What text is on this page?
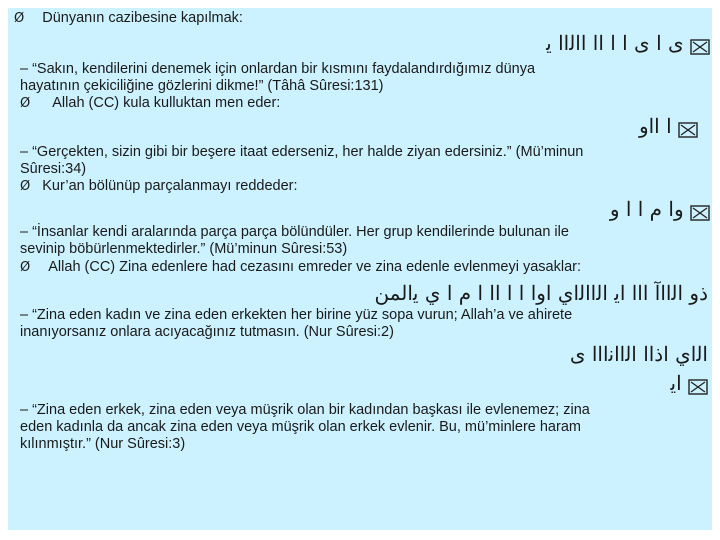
Ø Dünyanın cazibesine kapılmak:
ﻯ ﺍ ﻯ ﺍ ﺍ ﺍﺍ ﺍﺍﻟﺍﺍ ﻳ
– “Sakın, kendilerini denemek için onlardan bir kısmını faydalandırdığımız dünya
hayatının çekiciliğine gözlerini dikme!” (Tâhâ Sûresi:131)
Ø Allah (CC) kula kulluktan men eder:
ﺍ ﺍﺍﻭ
– “Gerçekten, sizin gibi bir beşere itaat ederseniz, her halde ziyan edersiniz.” (Mü’minun
Sûresi:34)
Ø Kur’an bölünüp parçalanmayı reddeder:
ﻭﺍ ﻡ ﺍ ﺍ ﻭ
– “İnsanlar kendi aralarında parça parça bölündüler. Her grup kendilerinde bulunan ile
sevinip böbürlenmektedirler.” (Mü’minun Sûresi:53)
Ø Allah (CC) Zina edenlere had cezasını emreder ve zina edenle evlenmeyi yasaklar:
ﺫﻭ ﺍﻟﺍﺍﺁ ﺍﺍﺍ ﺍﻳ ﺍﻟﺍﺍﻟﺍﻱ ﺍﻭﺍ ﺍ ﺍ ﺍﺍ ﺍ ﻡ ﺍ ﻱ ﻳﺍﻟﻤﻦ
– “Zina eden kadın ve zina eden erkekten her birine yüz sopa vurun; Allah’a ve ahirete
inanıyorsanız onlara acıyacağınız tutmasın. (Nur Sûresi:2)
ﺍﻟﺍﻱ ﺍﺫﺍﺍ ﺍﻟﺍﺍﻧﺍﺍﺍ ﻯ
ﺍﻳ
– “Zina eden erkek, zina eden veya müşrik olan bir kadından başkası ile evlenemez; zina
eden kadınla da ancak zina eden veya müşrik olan erkek evlenir. Bu, mü’minlere haram
kılınmıştır.” (Nur Sûresi:3)
